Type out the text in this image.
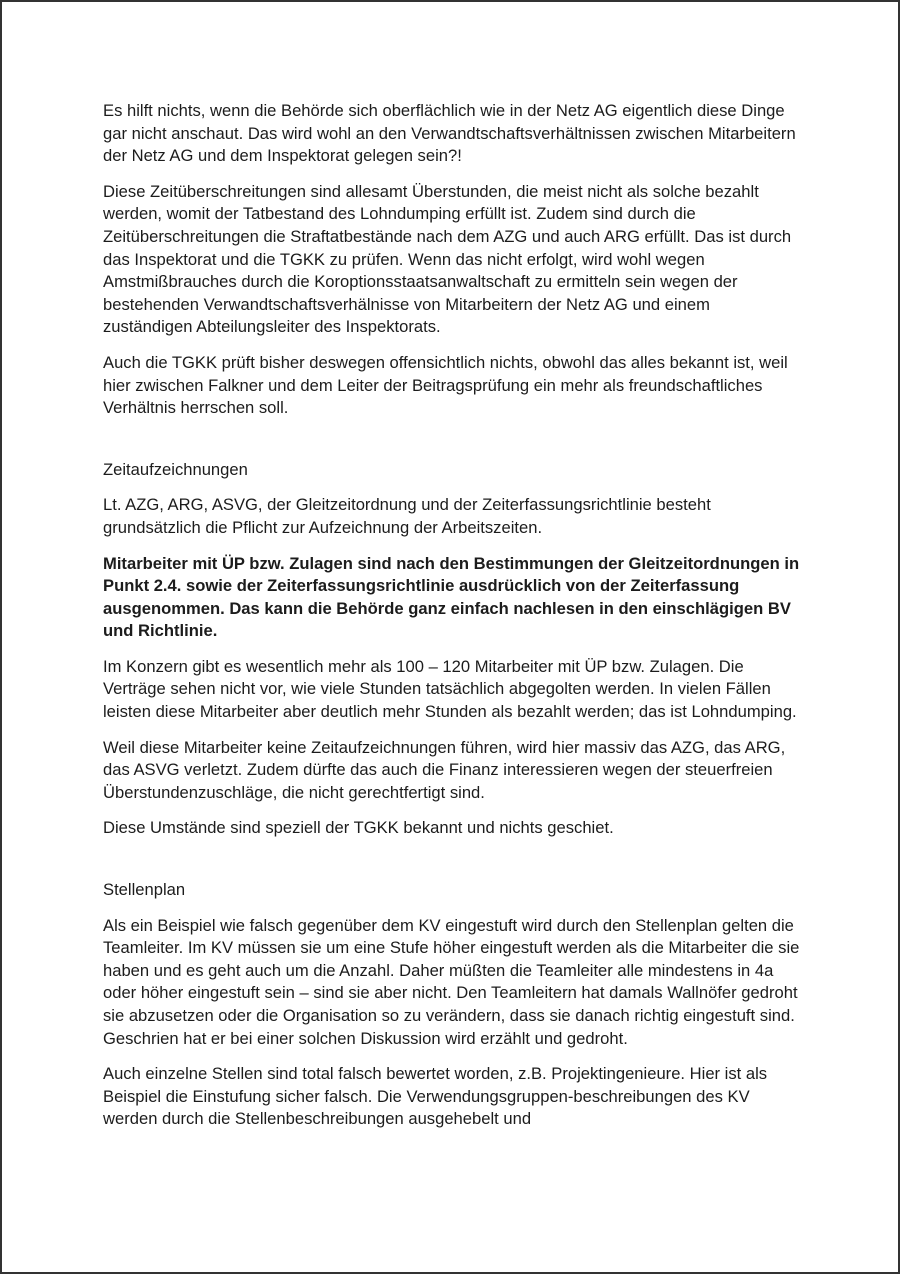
Es hilft nichts, wenn die Behörde sich oberflächlich wie in der Netz AG eigentlich diese Dinge gar nicht anschaut. Das wird wohl an den Verwandtschaftsverhältnissen zwischen Mitarbeitern der Netz AG und dem Inspektorat gelegen sein?!

Diese Zeitüberschreitungen sind allesamt Überstunden, die meist nicht als solche bezahlt werden, womit der Tatbestand des Lohndumping erfüllt ist. Zudem sind durch die Zeitüberschreitungen die Straftatbestände nach dem AZG und auch ARG erfüllt. Das ist durch das Inspektorat und die TGKK zu prüfen. Wenn das nicht erfolgt, wird wohl wegen Amstmißbrauches durch die Koroptionsstaatsanwaltschaft zu ermitteln sein wegen der bestehenden Verwandtschaftsverhälnisse von Mitarbeitern der Netz AG und einem zuständigen Abteilungsleiter des Inspektorats.

Auch die TGKK prüft bisher deswegen offensichtlich nichts, obwohl das alles bekannt ist, weil hier zwischen Falkner und dem Leiter der Beitragsprüfung ein mehr als freundschaftliches Verhältnis herrschen soll.

Zeitaufzeichnungen

Lt. AZG, ARG, ASVG, der Gleitzeitordnung und der Zeiterfassungsrichtlinie besteht grundsätzlich die Pflicht zur Aufzeichnung der Arbeitszeiten.

Mitarbeiter mit ÜP bzw. Zulagen sind nach den Bestimmungen der Gleitzeitordnungen in Punkt 2.4. sowie der Zeiterfassungsrichtlinie ausdrücklich von der Zeiterfassung ausgenommen. Das kann die Behörde ganz einfach nachlesen in den einschlägigen BV und Richtlinie.

Im Konzern gibt es wesentlich mehr als 100 – 120 Mitarbeiter mit ÜP bzw. Zulagen. Die Verträge sehen nicht vor, wie viele Stunden tatsächlich abgegolten werden. In vielen Fällen leisten diese Mitarbeiter aber deutlich mehr Stunden als bezahlt werden; das ist Lohndumping.

Weil diese Mitarbeiter keine Zeitaufzeichnungen führen, wird hier massiv das AZG, das ARG, das ASVG verletzt. Zudem dürfte das auch die Finanz interessieren wegen der steuerfreien Überstundenzuschläge, die nicht gerechtfertigt sind.

Diese Umstände sind speziell der TGKK bekannt und nichts geschiet.

Stellenplan

Als ein Beispiel wie falsch gegenüber dem KV eingestuft wird durch den Stellenplan gelten die Teamleiter. Im KV müssen sie um eine Stufe höher eingestuft werden als die Mitarbeiter die sie haben und es geht auch um die Anzahl. Daher müßten die Teamleiter alle mindestens in 4a oder höher eingestuft sein – sind sie aber nicht. Den Teamleitern hat damals Wallnöfer gedroht sie abzusetzen oder die Organisation so zu verändern, dass sie danach richtig eingestuft sind. Geschrien hat er bei einer solchen Diskussion wird erzählt und gedroht.

Auch einzelne Stellen sind total falsch bewertet worden, z.B. Projektingenieure. Hier ist als Beispiel die Einstufung sicher falsch. Die Verwendungsgruppen-beschreibungen des KV werden durch die Stellenbeschreibungen ausgehebelt und
